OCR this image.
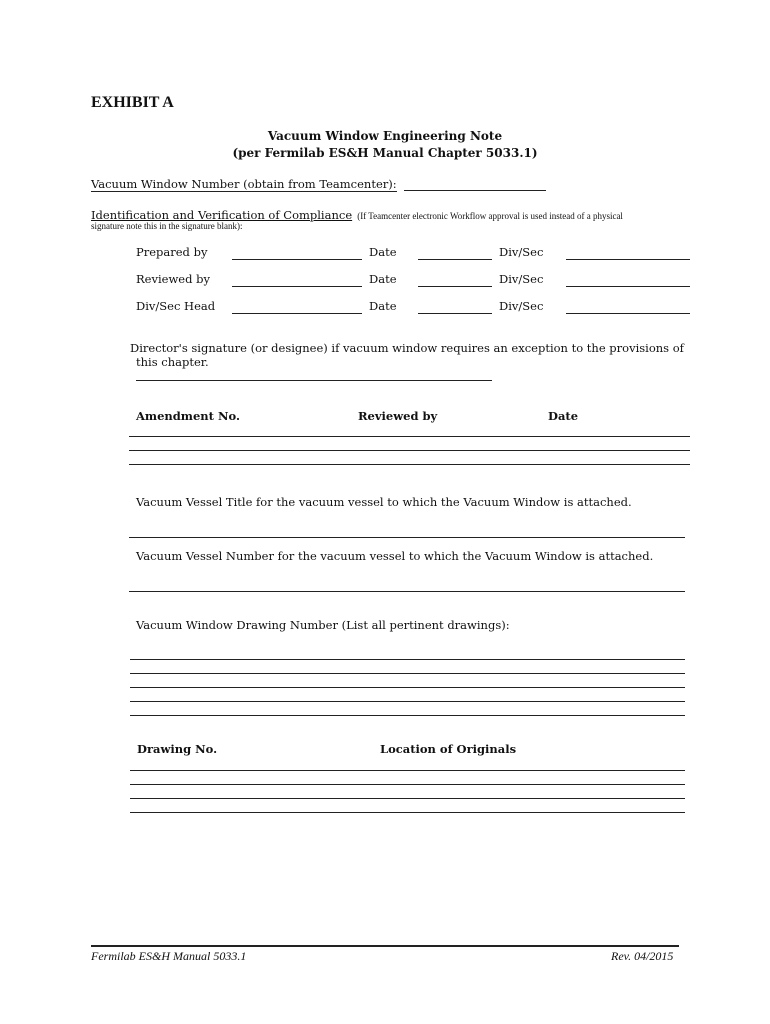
EXHIBIT A
Vacuum Window Engineering Note
(per Fermilab ES&H Manual Chapter 5033.1)
Vacuum Window Number (obtain from Teamcenter):
Identification and Verification of Compliance (If Teamcenter electronic Workflow approval is used instead of a physical
signature note this in the signature blank):
Prepared by	Date	Div/Sec
Reviewed by	Date	Div/Sec
Div/Sec Head	Date	Div/Sec
Director's signature (or designee) if vacuum window requires an exception to the provisions of
this chapter.
Amendment No.	Reviewed by	Date
Vacuum Vessel Title for the vacuum vessel to which the Vacuum Window is attached.
Vacuum Vessel Number for the vacuum vessel to which the Vacuum Window is attached.
Vacuum Window Drawing Number (List all pertinent drawings):
Drawing No.	Location of Originals
Fermilab ES&H Manual 5033.1	Rev. 04/2015
